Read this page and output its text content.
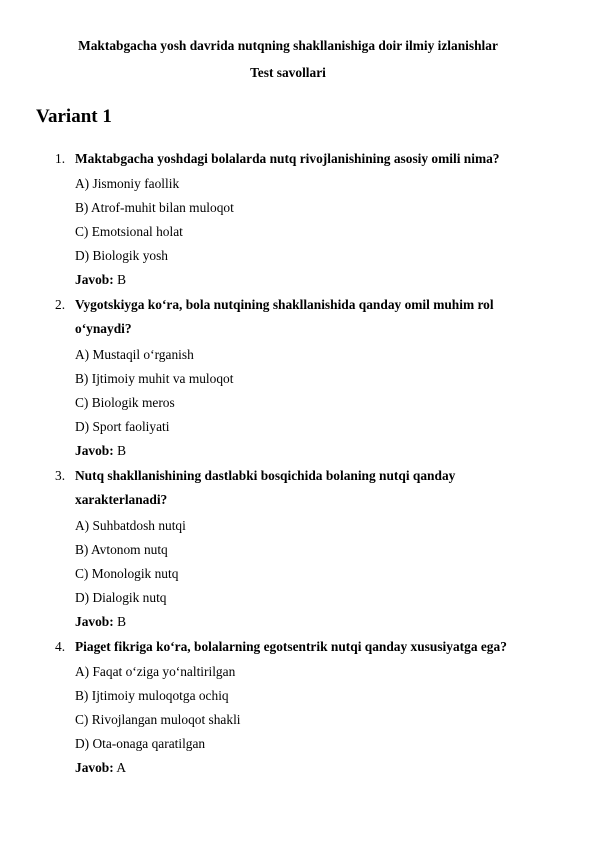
Maktabgacha yosh davrida nutqning shakllanishiga doir ilmiy izlanishlar
Test savollari
Variant 1
1. Maktabgacha yoshdagi bolalarda nutq rivojlanishining asosiy omili nima?
A) Jismoniy faollik
B) Atrof-muhit bilan muloqot
C) Emotsional holat
D) Biologik yosh
Javob: B
2. Vygotskiyga ko‘ra, bola nutqining shakllanishida qanday omil muhim rol o‘ynaydi?
A) Mustaqil o‘rganish
B) Ijtimoiy muhit va muloqot
C) Biologik meros
D) Sport faoliyati
Javob: B
3. Nutq shakllanishining dastlabki bosqichida bolaning nutqi qanday xarakterlanadi?
A) Suhbatdosh nutqi
B) Avtonom nutq
C) Monologik nutq
D) Dialogik nutq
Javob: B
4. Piaget fikriga ko‘ra, bolalarning egotsentrik nutqi qanday xususiyatga ega?
A) Faqat o‘ziga yo‘naltirilgan
B) Ijtimoiy muloqotga ochiq
C) Rivojlangan muloqot shakli
D) Ota-onaga qaratilgan
Javob: A
